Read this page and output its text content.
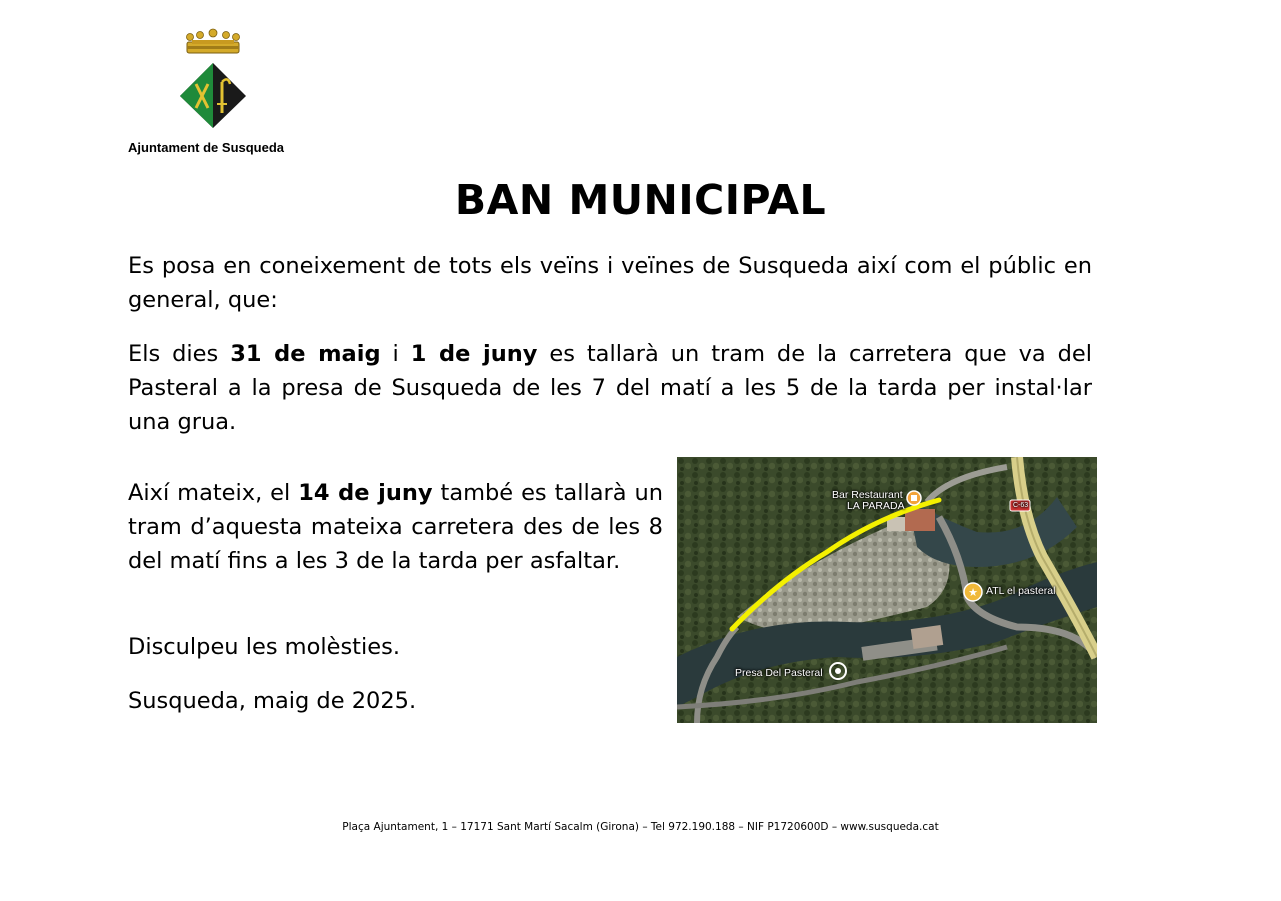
Ajuntament de Susqueda
BAN MUNICIPAL

Es posa en coneixement de tots els veïns i veïnes de Susqueda així com el públic en general, que:

Els dies 31 de maig i 1 de juny es tallarà un tram de la carretera que va del Pasteral a la presa de Susqueda de les 7 del matí a les 5 de la tarda per instal·lar una grua.

Així mateix, el 14 de juny també es tallarà un tram d’aquesta mateixa carretera des de les 8 del matí fins a les 3 de la tarda per asfaltar.

Disculpeu les molèsties.

Susqueda, maig de 2025.

★
Bar Restaurant
LA PARADA
ATL el pasteral
Presa Del Pasteral
C-63
Plaça Ajuntament, 1 – 17171 Sant Martí Sacalm (Girona) – Tel 972.190.188 – NIF P1720600D – www.susqueda.cat
